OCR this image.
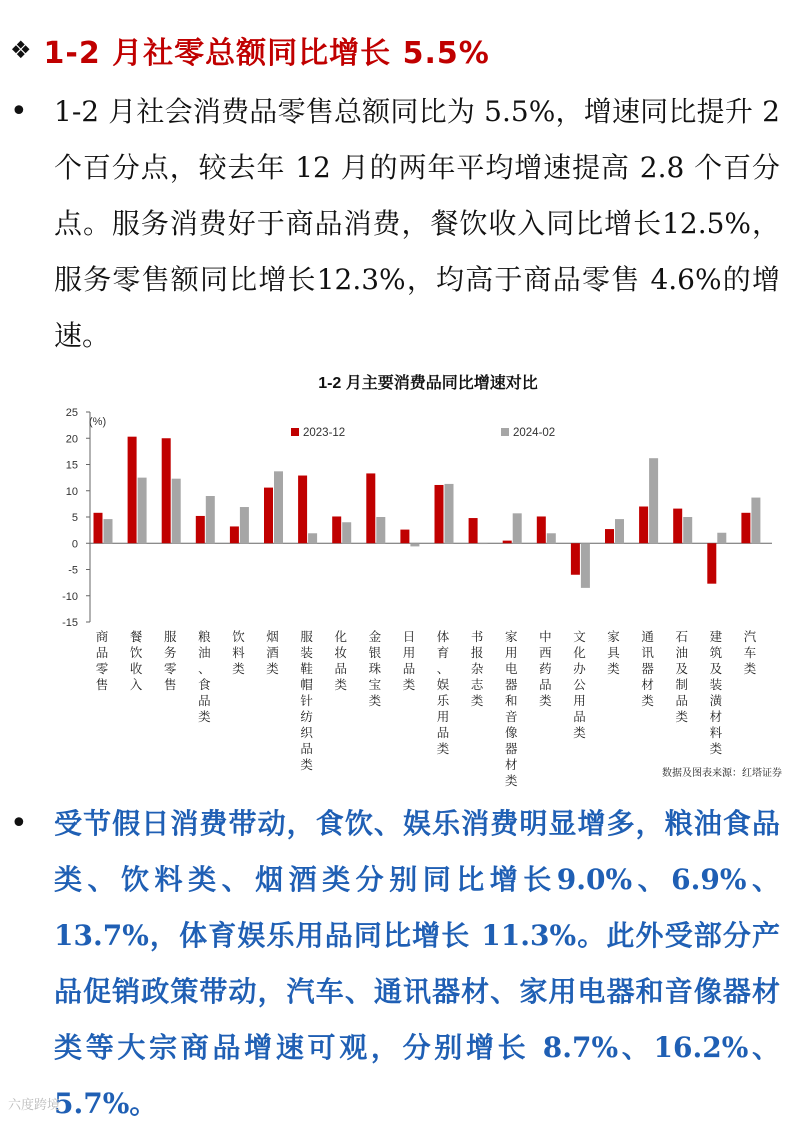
❖ 1-2 月社零总额同比增长 5.5%
• 1-2 月社会消费品零售总额同比为 5.5%，增速同比提升 2 个百分点，较去年 12 月的两年平均增速提高 2.8 个百分点。服务消费好于商品消费，餐饮收入同比增长12.5%，服务零售额同比增长12.3%，均高于商品零售 4.6%的增速。
1-2 月主要消费品同比增速对比
25
20
15
10
5
0
-5
-10
-15
商
品
零
售
餐
饮
收
入
服
务
零
售
粮
油
、
食
品
类
饮
料
类
烟
酒
类
服
装
鞋
帽
针
纺
织
品
类
化
妆
品
类
金
银
珠
宝
类
日
用
品
类
体
育
、
娱
乐
用
品
类
书
报
杂
志
类
家
用
电
器
和
音
像
器
材
类
中
西
药
品
类
文
化
办
公
用
品
类
家
具
类
通
讯
器
材
类
石
油
及
制
品
类
建
筑
及
装
潢
材
料
类
汽
车
类
(%)
2023-12	2024-02
数据及图表来源：红塔证券
• 受节假日消费带动，食饮、娱乐消费明显增多，粮油食品类、饮料类、烟酒类分别同比增长9.0%、6.9%、13.7%，体育娱乐用品同比增长 11.3%。此外受部分产品促销政策带动，汽车、通讯器材、家用电器和音像器材类等大宗商品增速可观，分别增长 8.7%、16.2%、5.7%。
六度跨境
